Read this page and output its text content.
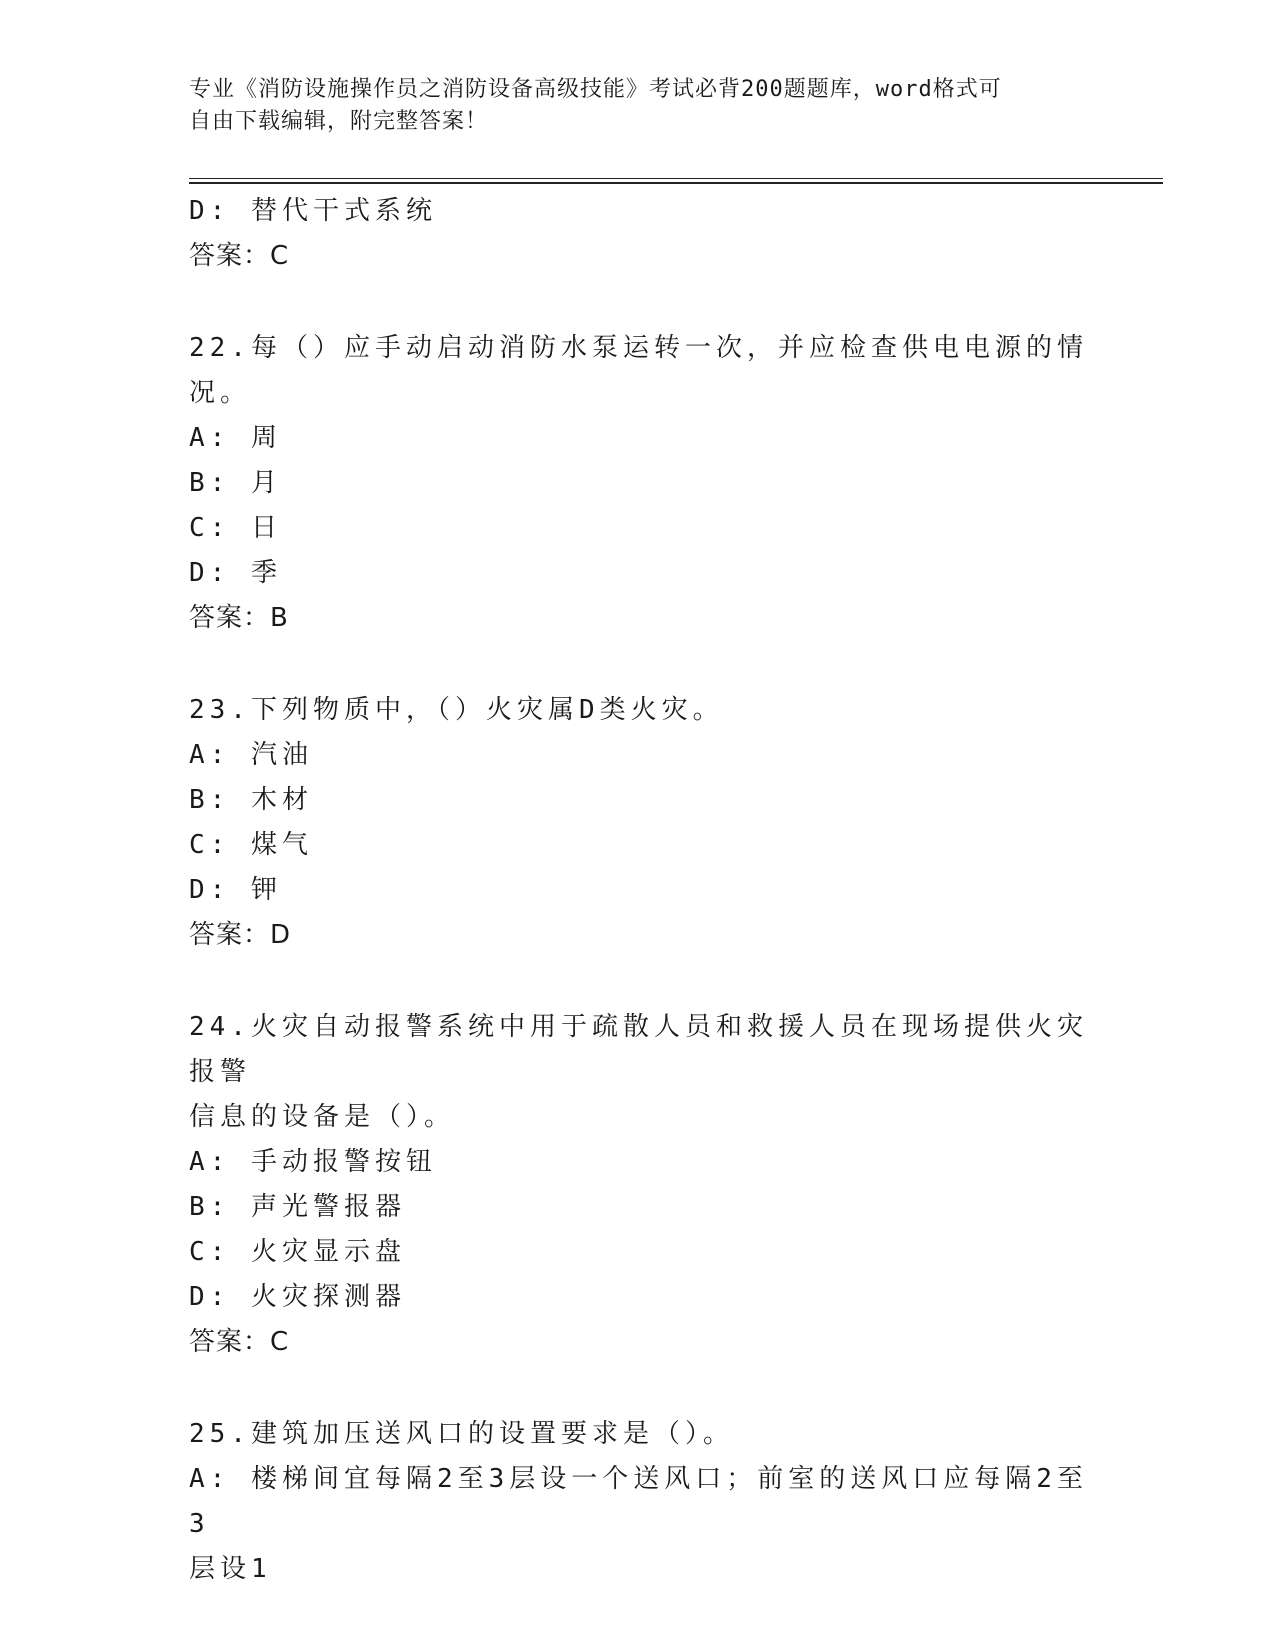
专业《消防设施操作员之消防设备高级技能》考试必背200题题库，word格式可
自由下载编辑，附完整答案！
D: 替代干式系统
答案：C
22.每（）应手动启动消防水泵运转一次，并应检查供电电源的情况。
A: 周
B: 月
C: 日
D: 季
答案：B
23.下列物质中，（）火灾属D类火灾。
A: 汽油
B: 木材
C: 煤气
D: 钾
答案：D
24.火灾自动报警系统中用于疏散人员和救援人员在现场提供火灾报警
信息的设备是（）。
A: 手动报警按钮
B: 声光警报器
C: 火灾显示盘
D: 火灾探测器
答案：C
25.建筑加压送风口的设置要求是（）。
A: 楼梯间宜每隔2至3层设一个送风口；前室的送风口应每隔2至3
层设1
